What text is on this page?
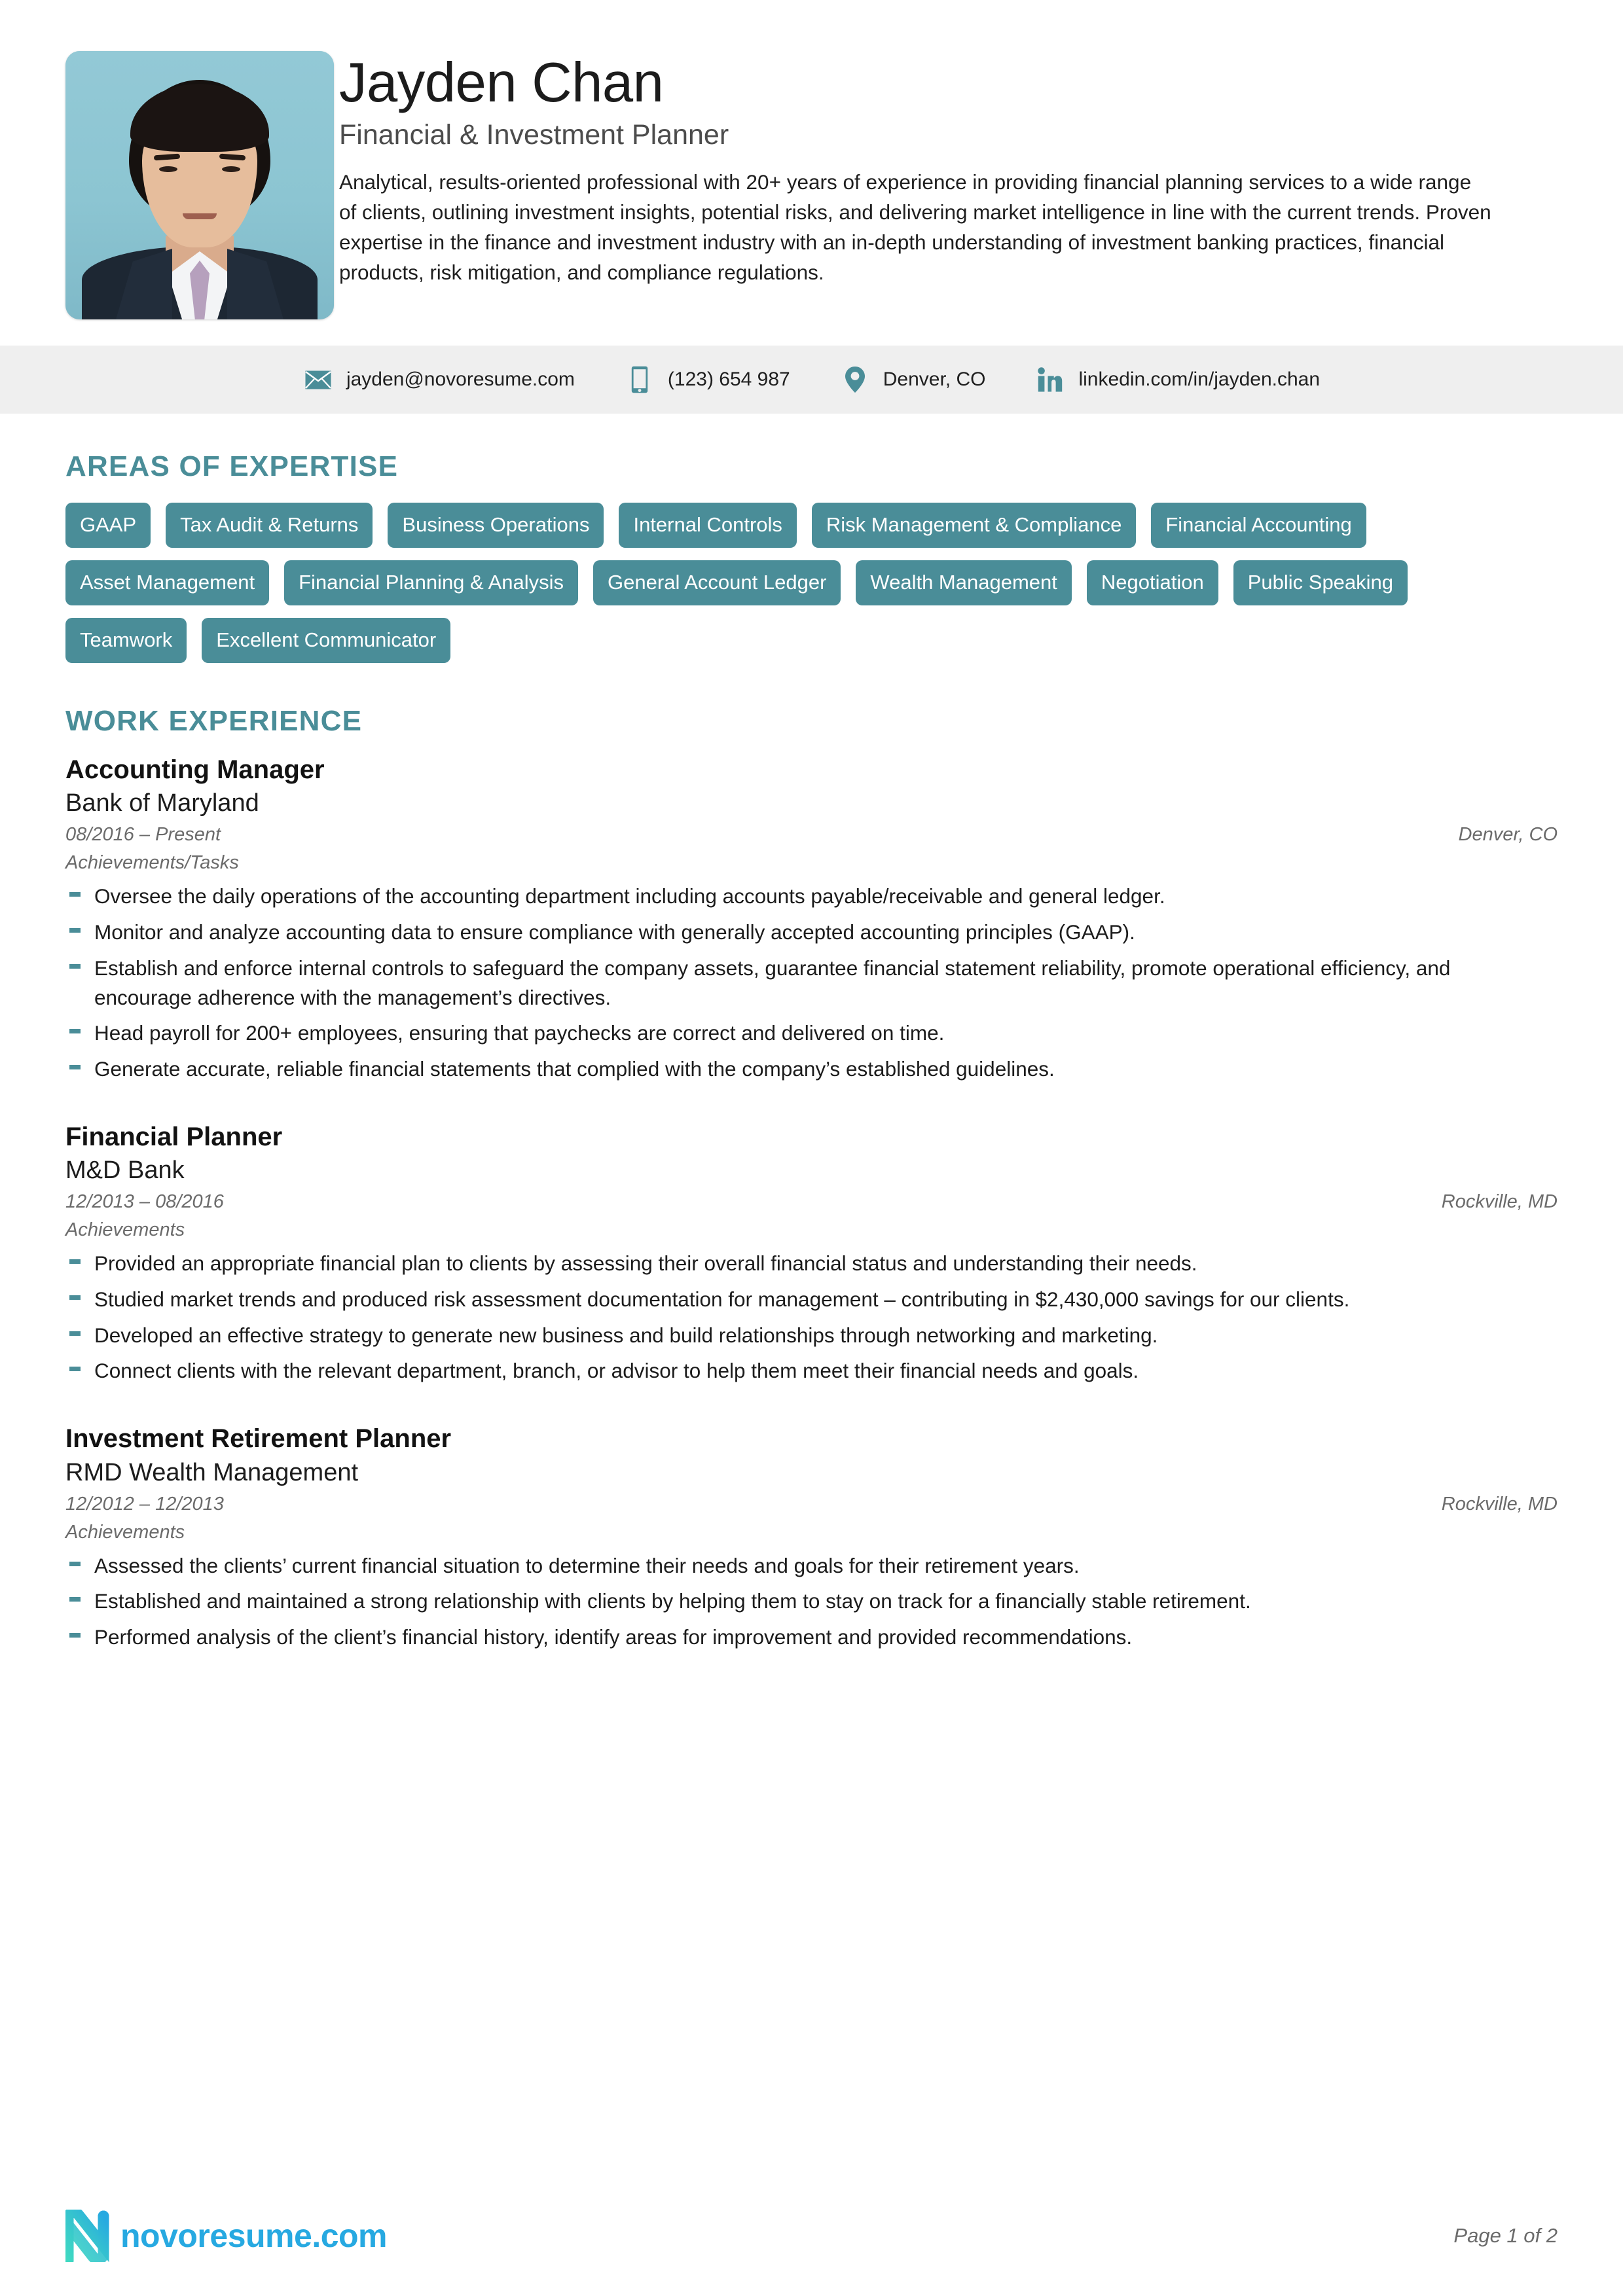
Jayden Chan
Financial & Investment Planner

Analytical, results-oriented professional with 20+ years of experience in providing financial planning services to a wide range of clients, outlining investment insights, potential risks, and delivering market intelligence in line with the current trends. Proven expertise in the finance and investment industry with an in-depth understanding of investment banking practices, financial products, risk mitigation, and compliance regulations.

jayden@novoresume.com	(123) 654 987	Denver, CO	linkedin.com/in/jayden.chan
AREAS OF EXPERTISE
GAAP	Tax Audit & Returns	Business Operations	Internal Controls	Risk Management & Compliance	Financial Accounting
Asset Management	Financial Planning & Analysis	General Account Ledger	Wealth Management	Negotiation	Public Speaking
Teamwork	Excellent Communicator
WORK EXPERIENCE
Accounting Manager
Bank of Maryland
08/2016 – Present	Denver, CO
Achievements/Tasks
Oversee the daily operations of the accounting department including accounts payable/receivable and general ledger.
Monitor and analyze accounting data to ensure compliance with generally accepted accounting principles (GAAP).
Establish and enforce internal controls to safeguard the company assets, guarantee financial statement reliability, promote operational efficiency, and encourage adherence with the management’s directives.
Head payroll for 200+ employees, ensuring that paychecks are correct and delivered on time.
Generate accurate, reliable financial statements that complied with the company’s established guidelines.
Financial Planner
M&D Bank
12/2013 – 08/2016	Rockville, MD
Achievements
Provided an appropriate financial plan to clients by assessing their overall financial status and understanding their needs.
Studied market trends and produced risk assessment documentation for management – contributing in $2,430,000 savings for our clients.
Developed an effective strategy to generate new business and build relationships through networking and marketing.
Connect clients with the relevant department, branch, or advisor to help them meet their financial needs and goals.
Investment Retirement Planner
RMD Wealth Management
12/2012 – 12/2013	Rockville, MD
Achievements
Assessed the clients’ current financial situation to determine their needs and goals for their retirement years.
Established and maintained a strong relationship with clients by helping them to stay on track for a financially stable retirement.
Performed analysis of the client’s financial history, identify areas for improvement and provided recommendations.
novoresume.com	Page 1 of 2
